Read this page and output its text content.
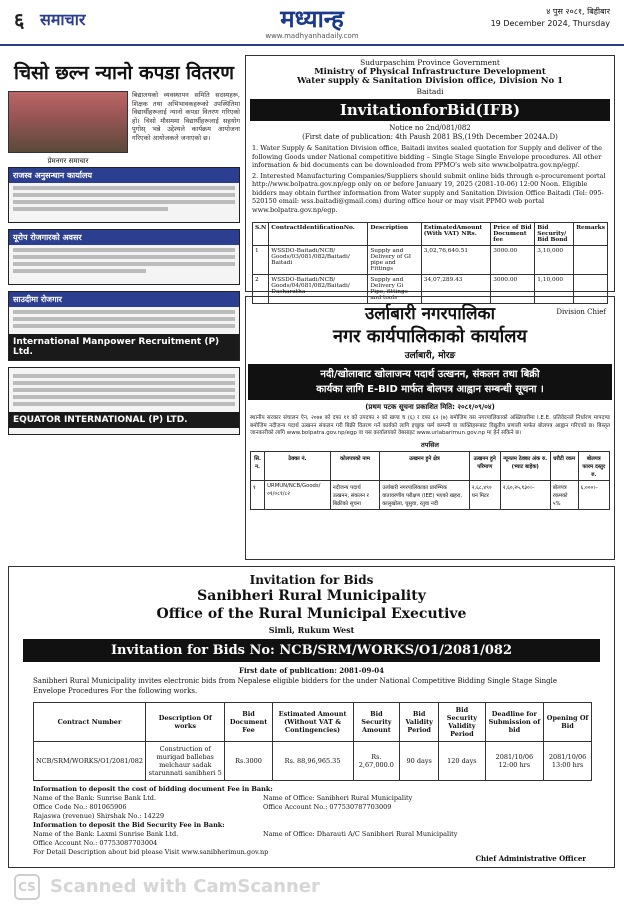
६ समाचार	मध्यान्ह
www.madhyanhadaily.com
४ पुस २०८१, बिहीबार
19 December 2024, Thursday
चिसो छल्न न्यानो कपडा वितरण
प्रेमनगर समाचार
बिद्यालयको व्यवस्थापन समिति सदस्यहरू, शिक्षक तथा अभिभावकहरूको उपस्थितिमा विद्यार्थीहरूलाई न्यानो कपडा वितरण गरिएको हो। चिसो मौसममा विद्यार्थीहरूलाई सहयोग पुगोस् भन्ने उद्देश्यले कार्यक्रम आयोजना गरिएको आयोजकले जनाएको छ।
राजस्व अनुसन्धान कार्यालय
यूरोप रोजगारको अवसर
साउदीमा रोजगार
International Manpower Recruitment (P) Ltd.
EQUATOR INTERNATIONAL (P) LTD.
Sudurpaschim Province Government
Ministry of Physical Infrastructure Development
Water supply & Sanitation Division office, Division No 1
Baitadi
InvitationforBid(IFB)
Notice no 2nd/081/082
(First date of publication: 4th Paush 2081 BS,(19th December 2024A.D)

1. Water Supply & Sanitation Division office, Baitadi invites sealed quotation for Supply and deliver of the following Goods under National competitive bidding – Single Stage Single Envelope procedures. All other information & bid documents can be downloaded from PPMO's web site www.bolpatra.gov.np/egp/.

2. Interested Manufacturing Companies/Suppliers should submit online bids through e-procurement portal http://www.bolpatra.gov.np/egp only on or before January 19, 2025 (2081-10-06) 12:00 Noon. Eligible bidders may obtain further information from Water supply and Sanitation Division Office Baitadi (Tel: 095-520150 email: wss.baitadi@gmail.com) during office hour or may visit PPMO web portal www.bolpatra.gov.np/egp.

S.N	ContractIdentificationNo.	Description	EstimatedAmount (With VAT) NRs.	Price of Bid Document fee	Bid Security/ Bid Bond	Remarks
1	WSSDO-Baitadi/NCB/ Goods/03/081/082/Baitadi/ Baitadi	Supply and Delivery of GI pipe and Fittings	3,02,76,640.51	3000.00	3,10,000	
2	WSSDO-Baitadi/NCB/ Goods/04/081/082/Baitadi/ Dasharatha	Supply and Delivery Gi Pipe, fittings and tools	34,07,289.43	3000.00	1,10,000	
Division Chief
उर्लाबारी नगरपालिका
नगर कार्यपालिकाको कार्यालय
उर्लाबारी, मोरङ
नदी/खोलाबाट खोलाजन्य पदार्थ उत्खनन, संकलन तथा बिक्री
कार्यका लागि E-BID मार्फत बोलपत्र आह्वान सम्बन्धी सूचना ।
(प्रथम पटक सूचना प्रकाशित मिति: २०८१/०९/०४)
स्थानीय सरकार संचालन ऐन, २०७४ को दफा ११ को उपदफा २ को खण्ड च (६) र दफा ६२ (७) बमोजिम यस नगरपालिकाको अख्तियारीमा I.E.E. प्रतिवेदनले निर्धारण मापदण्ड बमोजिम नदीजन्य पदार्थ उत्खनन संकलन गरी बिक्री वितरण गर्ने कार्यको लागि इच्छुक फर्म कम्पनी वा व्यक्तिहरूबाट विद्युतीय प्रणाली मार्फत बोलपत्र आह्वान गरिएको छ। बिस्तृत जानकारीको लागि www.bolpatra.gov.np/egp वा यस कार्यालयको वेबसाइट www.urlabarimun.gov.np मा हेर्न सकिने छ।
तपसिल
सि. न.	ठेक्का नं.	कोलपत्रको नाम	उत्खनन हुने क्षेत्र	उत्खनन हुने परिमाण	न्यूनतम ठेक्का अंक रु. (भ्याट बाहेक)	धरौटी रकम	बोलपत्र फारम दस्तुर रु.
१	URMUN/NCB/Goods/०१/०८१/८२	नदीजन्य पदार्थ उत्खनन, संकलन र बिक्रीको सूचना	उर्लाबारी नगरपालिकाका प्रारम्भिक वातावरणीय परीक्षण (IEE) भएको खहरा, कालुखोला, घुसुवा, रतुवा नदी	२,६८,४९० घन मिटर	२,६०,२५,१३०।–	बोलपत्र रकमको ५%	६,०००।–
Invitation for Bids
Sanibheri Rural Municipality
Office of the Rural Municipal Executive
Simli, Rukum West
Invitation for Bids No: NCB/SRM/WORKS/O1/2081/082
First date of publication: 2081-09-04
Sanibheri Rural Municipality invites electronic bids from Nepalese eligible bidders for the under National Competitive Bidding Single Stage Single Envelope Procedures For the following works.
Contract Number	Description Of works	Bid Document Fee	Estimated Amount (Without VAT & Contingencies)	Bid Security Amount	Bid Validity Period	Bid Security Validity Period	Deadline for Submission of bid	Opening Of Bid
NCB/SRM/WORKS/O1/2081/082	Construction of murigad ballebas melchaur sadak starunnati sanibheri 5	Rs.3000	Rs. 88,96,965.35	Rs. 2,67,000.0	90 days	120 days	2081/10/06 12:00 hrs	2081/10/06 13:00 hrs
Information to deposit the cost of bidding document Fee in Bank:
Name of the Bank: Sunrise Bank Ltd.	Name of Office: Sanibheri Rural Municipality
Office Code No.: 801065906	Office Account No.: 077530787703009
Rajaswa (revenue) Shirshak No.: 14229
Information to deposit the Bid Security Fee in Bank:
Name of the Bank: Laxmi Sunrise Bank Ltd.	Name of Office: Dharauti A/C Sanibheri Rural Municipality
Office Account No.: 07753087703004
For Detail Description about bid please Visit www.sanibherimun.gov.np
Chief Administrative Officer
CS Scanned with CamScanner
